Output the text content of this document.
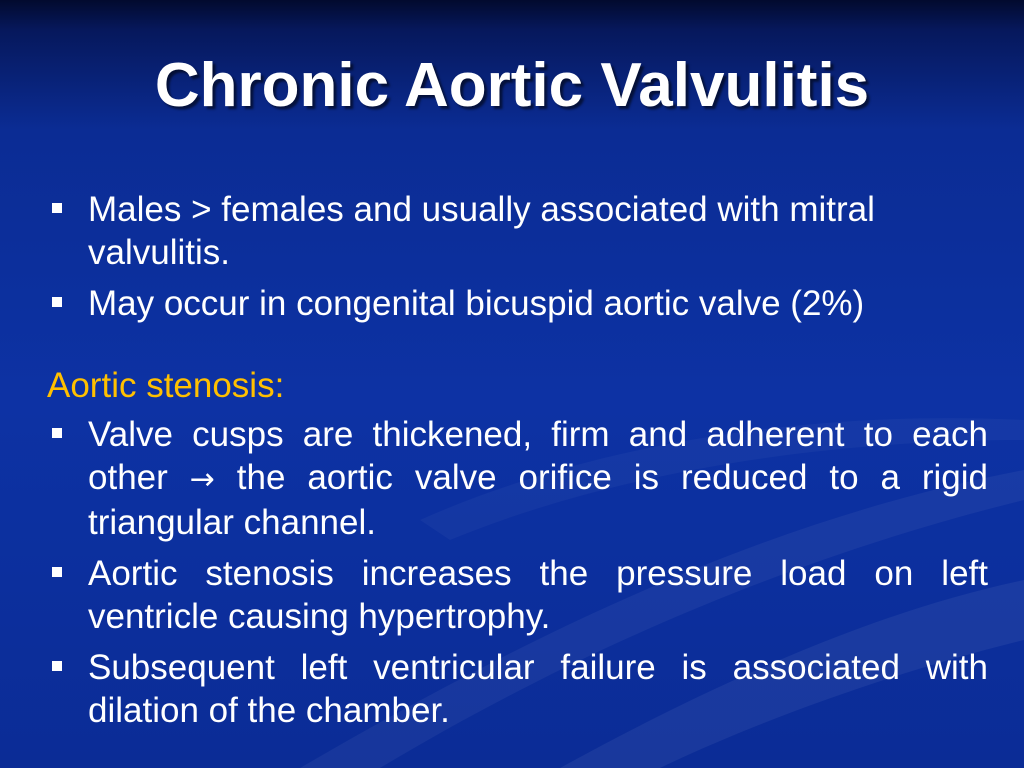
Chronic Aortic Valvulitis
Males > females and usually associated with mitral valvulitis.
May occur in congenital bicuspid aortic valve (2%)
Aortic stenosis:
Valve cusps are thickened, firm and adherent to each other → the aortic valve orifice is reduced to a rigid triangular channel.
Aortic stenosis increases the pressure load on left ventricle causing hypertrophy.
Subsequent left ventricular failure is associated with dilation of the chamber.
